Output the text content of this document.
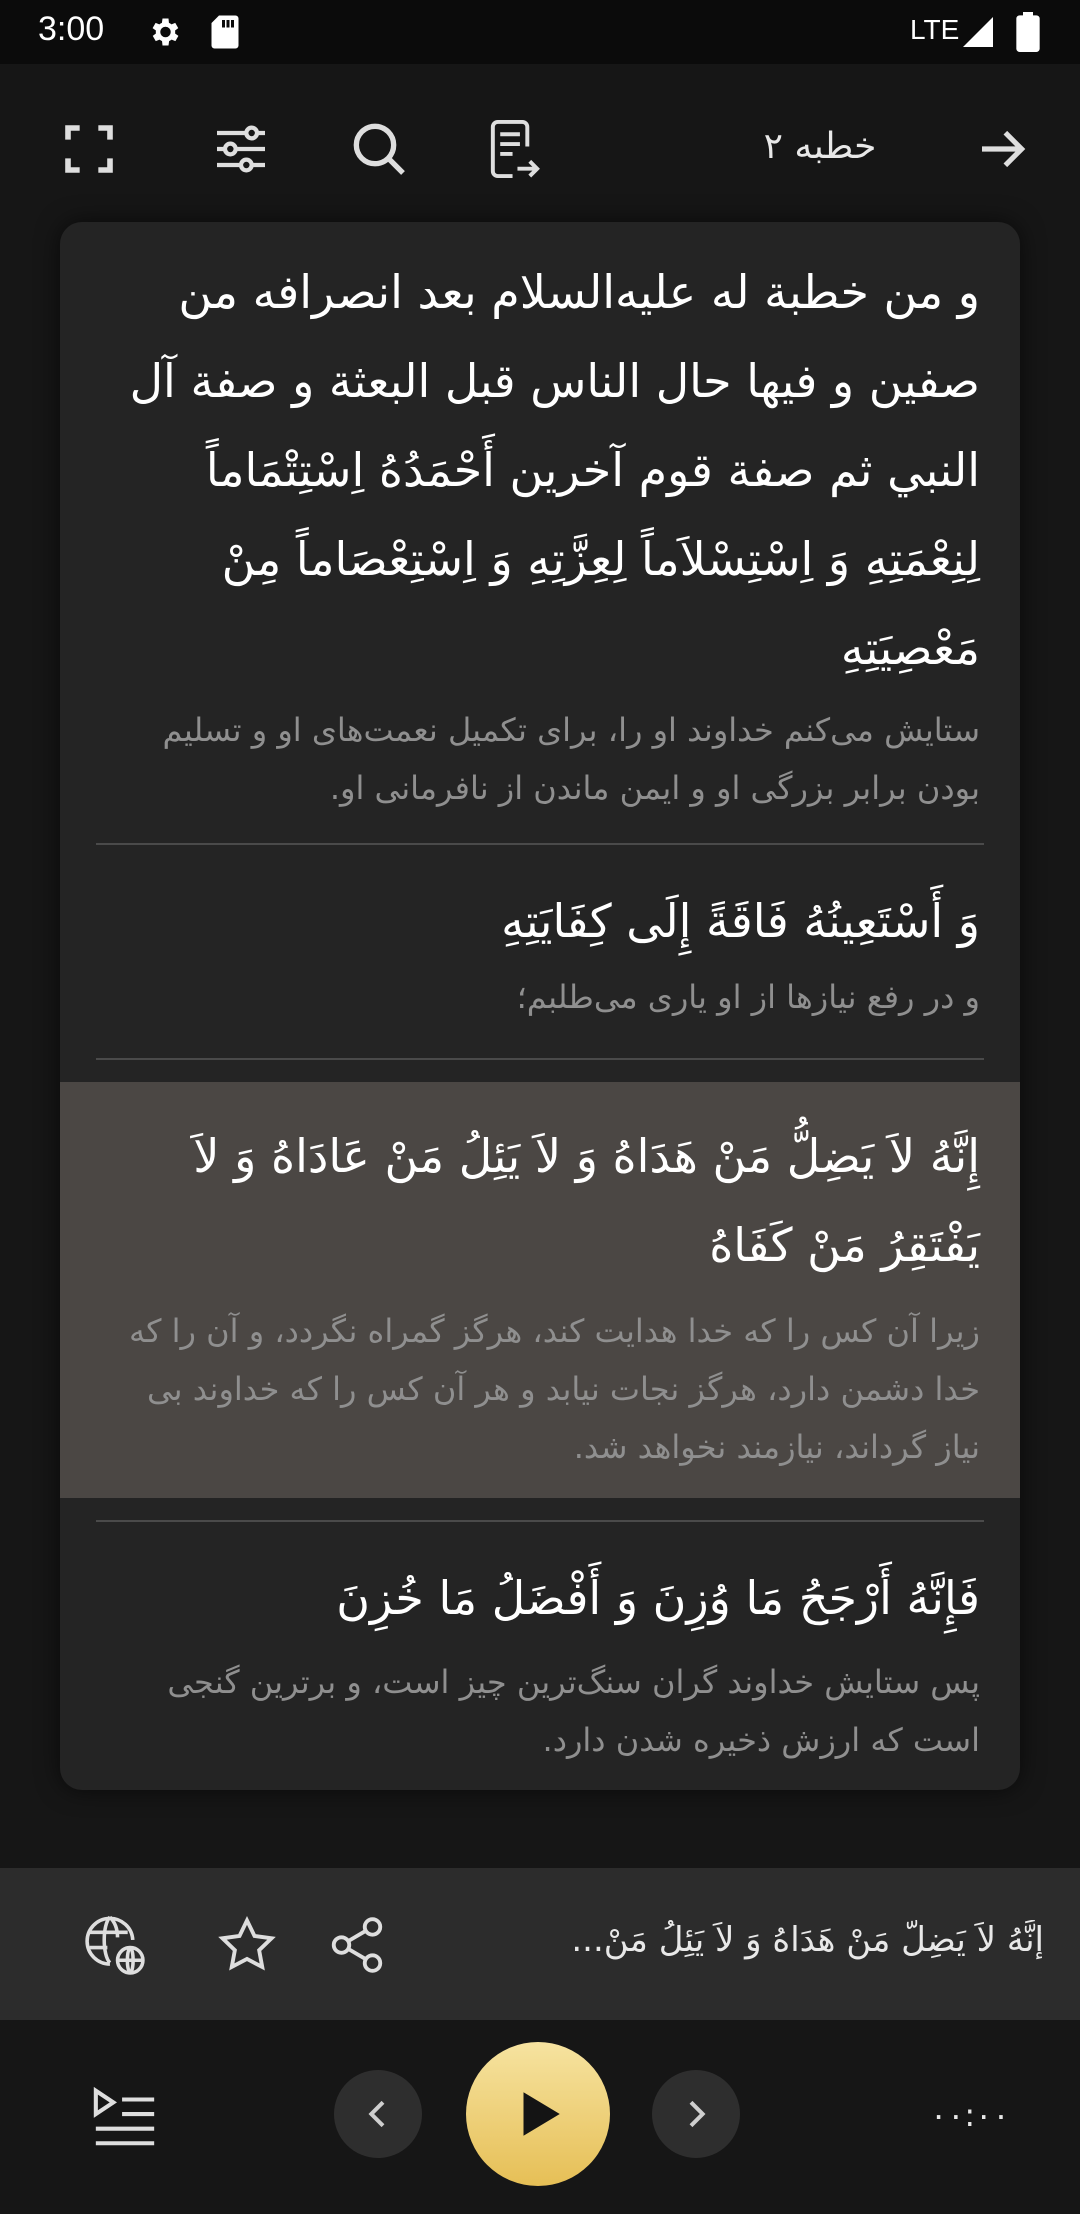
3:00	LTE
خطبه ۲
و من خطبة له عليه‌السلام بعد انصرافه من صفين و فيها حال الناس قبل البعثة و صفة آل النبي ثم صفة قوم آخرين أَحْمَدُهُ اِسْتِتْمَاماً لِنِعْمَتِهِ وَ اِسْتِسْلاَماً لِعِزَّتِهِ وَ اِسْتِعْصَاماً مِنْ مَعْصِيَتِهِ
ستایش می‌کنم خداوند او را، برای تکمیل نعمت‌های او و تسلیم بودن برابر بزرگی او و ایمن ماندن از نافرمانی او.
وَ أَسْتَعِينُهُ فَاقَةً إِلَى كِفَايَتِهِ
و در رفع نیازها از او یاری می‌طلبم؛
إِنَّهُ لاَ يَضِلُّ مَنْ هَدَاهُ وَ لاَ يَئِلُ مَنْ عَادَاهُ وَ لاَ يَفْتَقِرُ مَنْ كَفَاهُ
زیرا آن کس را که خدا هدایت کند، هرگز گمراه نگردد، و آن را که خدا دشمن دارد، هرگز نجات نیابد و هر آن کس را که خداوند بی نیاز گرداند، نیازمند نخواهد شد.
فَإِنَّهُ أَرْجَحُ مَا وُزِنَ وَ أَفْضَلُ مَا خُزِنَ
پس ستایش خداوند گران سنگ‌ترین چیز است، و برترین گنجی است که ارزش ذخیره شدن دارد.
إِنَّهُ لاَ يَضِلُّ مَنْ هَدَاهُ وَ لاَ يَئِلُ مَنْ...
۰۰:۰۰
